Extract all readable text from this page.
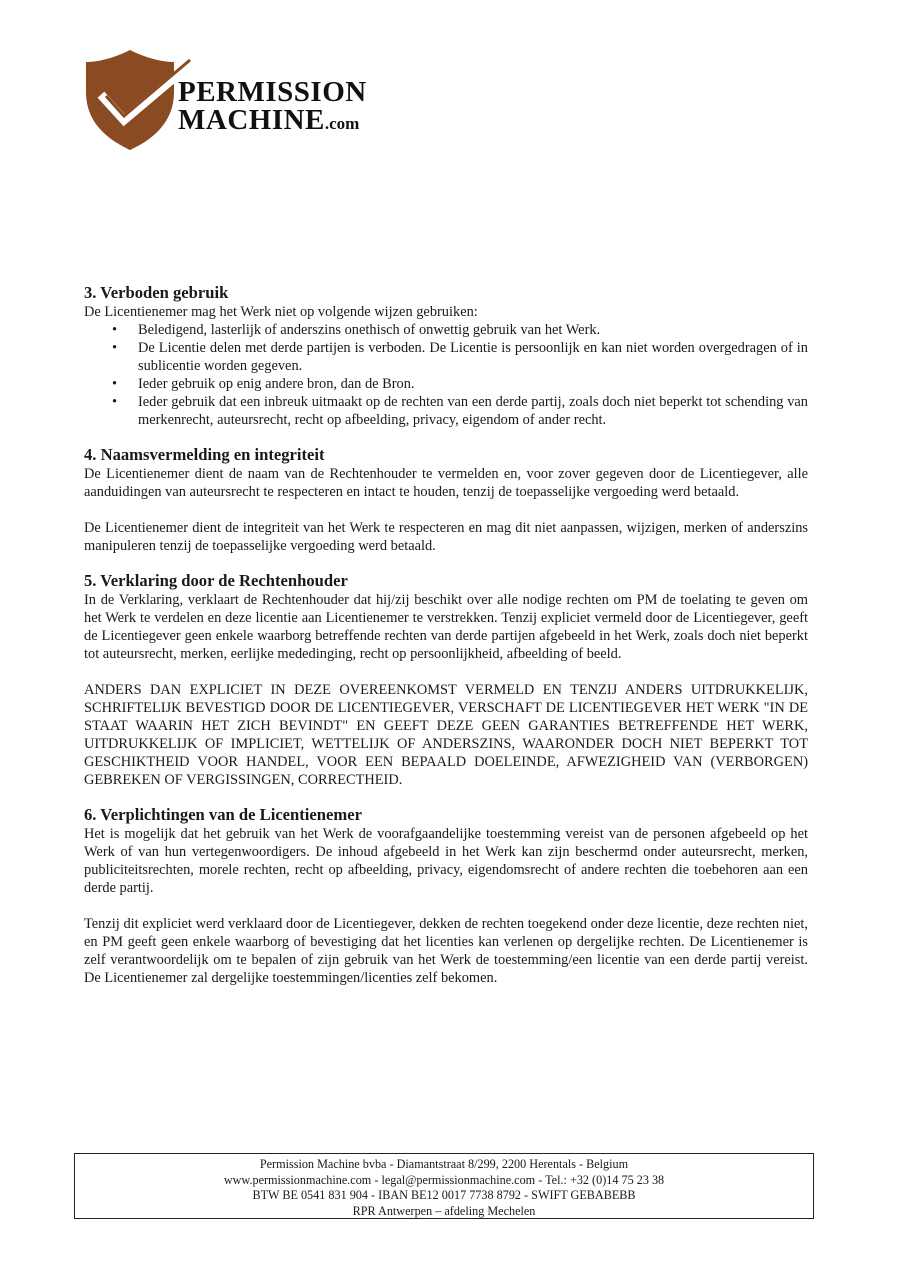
PERMISSION
MACHINE.com
3. Verboden gebruik

De Licentienemer mag het Werk niet op volgende wijzen gebruiken:

• Beledigend, lasterlijk of anderszins onethisch of onwettig gebruik van het Werk.
• De Licentie delen met derde partijen is verboden. De Licentie is persoonlijk en kan niet worden overgedragen of in sublicentie worden gegeven.
• Ieder gebruik op enig andere bron, dan de Bron.
• Ieder gebruik dat een inbreuk uitmaakt op de rechten van een derde partij, zoals doch niet beperkt tot schending van merkenrecht, auteursrecht, recht op afbeelding, privacy, eigendom of ander recht.
4. Naamsvermelding en integriteit

De Licentienemer dient de naam van de Rechtenhouder te vermelden en, voor zover gegeven door de Licentiegever, alle aanduidingen van auteursrecht te respecteren en intact te houden, tenzij de toepasselijke vergoeding werd betaald.

De Licentienemer dient de integriteit van het Werk te respecteren en mag dit niet aanpassen, wijzigen, merken of anderszins manipuleren tenzij de toepasselijke vergoeding werd betaald.

5. Verklaring door de Rechtenhouder

In de Verklaring, verklaart de Rechtenhouder dat hij/zij beschikt over alle nodige rechten om PM de toelating te geven om het Werk te verdelen en deze licentie aan Licentienemer te verstrekken. Tenzij expliciet vermeld door de Licentiegever, geeft de Licentiegever geen enkele waarborg betreffende rechten van derde partijen afgebeeld in het Werk, zoals doch niet beperkt tot auteursrecht, merken, eerlijke mededinging, recht op persoonlijkheid, afbeelding of beeld.

ANDERS DAN EXPLICIET IN DEZE OVEREENKOMST VERMELD EN TENZIJ ANDERS UITDRUKKELIJK, SCHRIFTELIJK BEVESTIGD DOOR DE LICENTIEGEVER, VERSCHAFT DE LICENTIEGEVER HET WERK "IN DE STAAT WAARIN HET ZICH BEVINDT" EN GEEFT DEZE GEEN GARANTIES BETREFFENDE HET WERK, UITDRUKKELIJK OF IMPLICIET, WETTELIJK OF ANDERSZINS, WAARONDER DOCH NIET BEPERKT TOT GESCHIKTHEID VOOR HANDEL, VOOR EEN BEPAALD DOELEINDE, AFWEZIGHEID VAN (VERBORGEN) GEBREKEN OF VERGISSINGEN, CORRECTHEID.

6. Verplichtingen van de Licentienemer

Het is mogelijk dat het gebruik van het Werk de voorafgaandelijke toestemming vereist van de personen afgebeeld op het Werk of van hun vertegenwoordigers. De inhoud afgebeeld in het Werk kan zijn beschermd onder auteursrecht, merken, publiciteitsrechten, morele rechten, recht op afbeelding, privacy, eigendomsrecht of andere rechten die toebehoren aan een derde partij.

Tenzij dit expliciet werd verklaard door de Licentiegever, dekken de rechten toegekend onder deze licentie, deze rechten niet, en PM geeft geen enkele waarborg of bevestiging dat het licenties kan verlenen op dergelijke rechten. De Licentienemer is zelf verantwoordelijk om te bepalen of zijn gebruik van het Werk de toestemming/een licentie van een derde partij vereist. De Licentienemer zal dergelijke toestemmingen/licenties zelf bekomen.

Permission Machine bvba - Diamantstraat 8/299, 2200 Herentals - Belgium
www.permissionmachine.com - legal@permissionmachine.com - Tel.: +32 (0)14 75 23 38
BTW BE 0541 831 904 - IBAN BE12 0017 7738 8792 - SWIFT GEBABEBB
RPR Antwerpen – afdeling Mechelen
